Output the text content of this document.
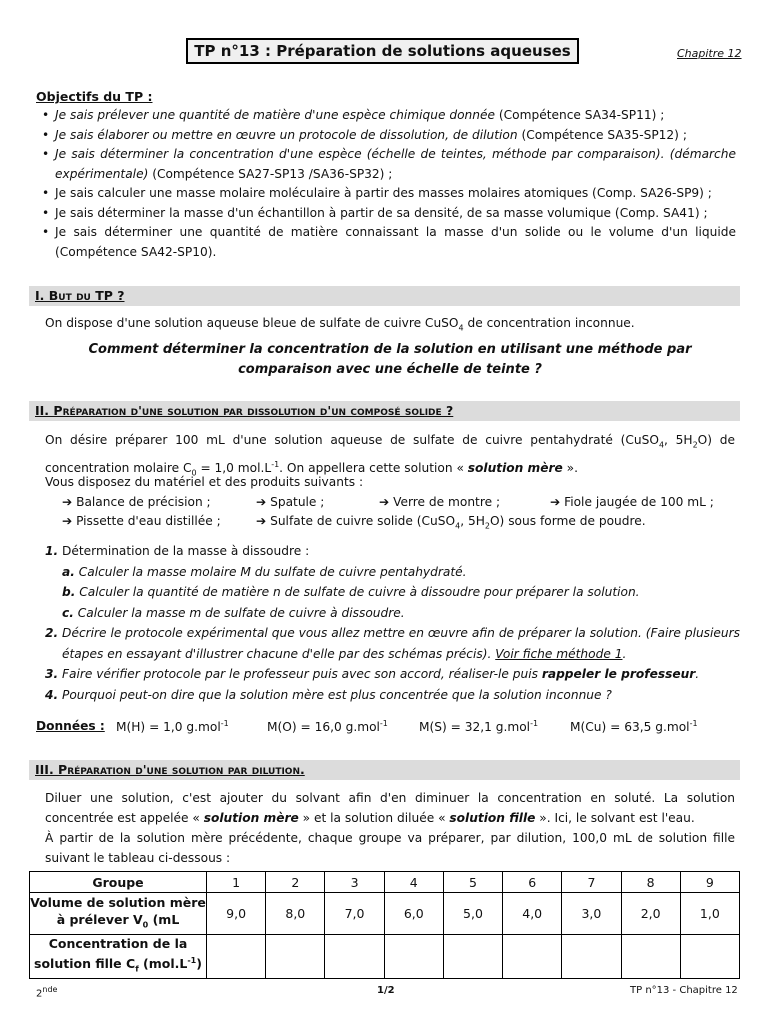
TP n°13 : Préparation de solutions aqueuses	Chapitre 12
Objectifs du TP :
• Je sais prélever une quantité de matière d'une espèce chimique donnée (Compétence SA34-SP11) ;
• Je sais élaborer ou mettre en œuvre un protocole de dissolution, de dilution (Compétence SA35-SP12) ;
• Je sais déterminer la concentration d'une espèce (échelle de teintes, méthode par comparaison). (démarche expérimentale) (Compétence SA27-SP13 /SA36-SP32) ;
• Je sais calculer une masse molaire moléculaire à partir des masses molaires atomiques (Comp. SA26-SP9) ;
• Je sais déterminer la masse d'un échantillon à partir de sa densité, de sa masse volumique (Comp. SA41) ;
• Je sais déterminer une quantité de matière connaissant la masse d'un solide ou le volume d'un liquide (Compétence SA42-SP10).
I. But du TP ?
On dispose d'une solution aqueuse bleue de sulfate de cuivre CuSO$_4$ de concentration inconnue.
Comment déterminer la concentration de la solution en utilisant une méthode par comparaison avec une échelle de teinte ?
II. Préparation d'une solution par dissolution d'un composé solide ?
On désire préparer 100 mL d'une solution aqueuse de sulfate de cuivre pentahydraté (CuSO$_4$, $5H_2O$) de concentration molaire $C_0 = 1,0$ $mol.L^{-1}$. On appellera cette solution « solution mère ».
Vous disposez du matériel et des produits suivants :
➔ Balance de précision ;	➔ Spatule ;	➔ Verre de montre ;	➔ Fiole jaugée de 100 mL ;
➔ Pissette d'eau distillée ;	➔ Sulfate de cuivre solide (CuSO$_4$, $5H_2O$) sous forme de poudre.
1. Détermination de la masse à dissoudre :
a. Calculer la masse molaire M du sulfate de cuivre pentahydraté.
b. Calculer la quantité de matière n de sulfate de cuivre à dissoudre pour préparer la solution.
c. Calculer la masse m de sulfate de cuivre à dissoudre.
2. Décrire le protocole expérimental que vous allez mettre en œuvre afin de préparer la solution. (Faire plusieurs étapes en essayant d'illustrer chacune d'elle par des schémas précis). Voir fiche méthode 1.
3. Faire vérifier protocole par le professeur puis avec son accord, réaliser-le puis rappeler le professeur.
4. Pourquoi peut-on dire que la solution mère est plus concentrée que la solution inconnue ?
Données : M(H) = 1,0 g.mol$^{-1}$	M(O) = 16,0 g.mol$^{-1}$	M(S) = 32,1 g.mol$^{-1}$	M(Cu) = 63,5 g.mol$^{-1}$
III. Préparation d'une solution par dilution.
Diluer une solution, c'est ajouter du solvant afin d'en diminuer la concentration en soluté. La solution concentrée est appelée « solution mère » et la solution diluée « solution fille ». Ici, le solvant est l'eau.
À partir de la solution mère précédente, chaque groupe va préparer, par dilution, 100,0 mL de solution fille suivant le tableau ci-dessous :
Groupe	1	2	3	4	5	6	7	8	9
Volume de solution mère à prélever $V_0$ (mL	9,0	8,0	7,0	6,0	5,0	4,0	3,0	2,0	1,0
Concentration de la solution fille $C_f$ $(mol.L^{-1})$									
2nde	1/2	TP n°13 - Chapitre 12
